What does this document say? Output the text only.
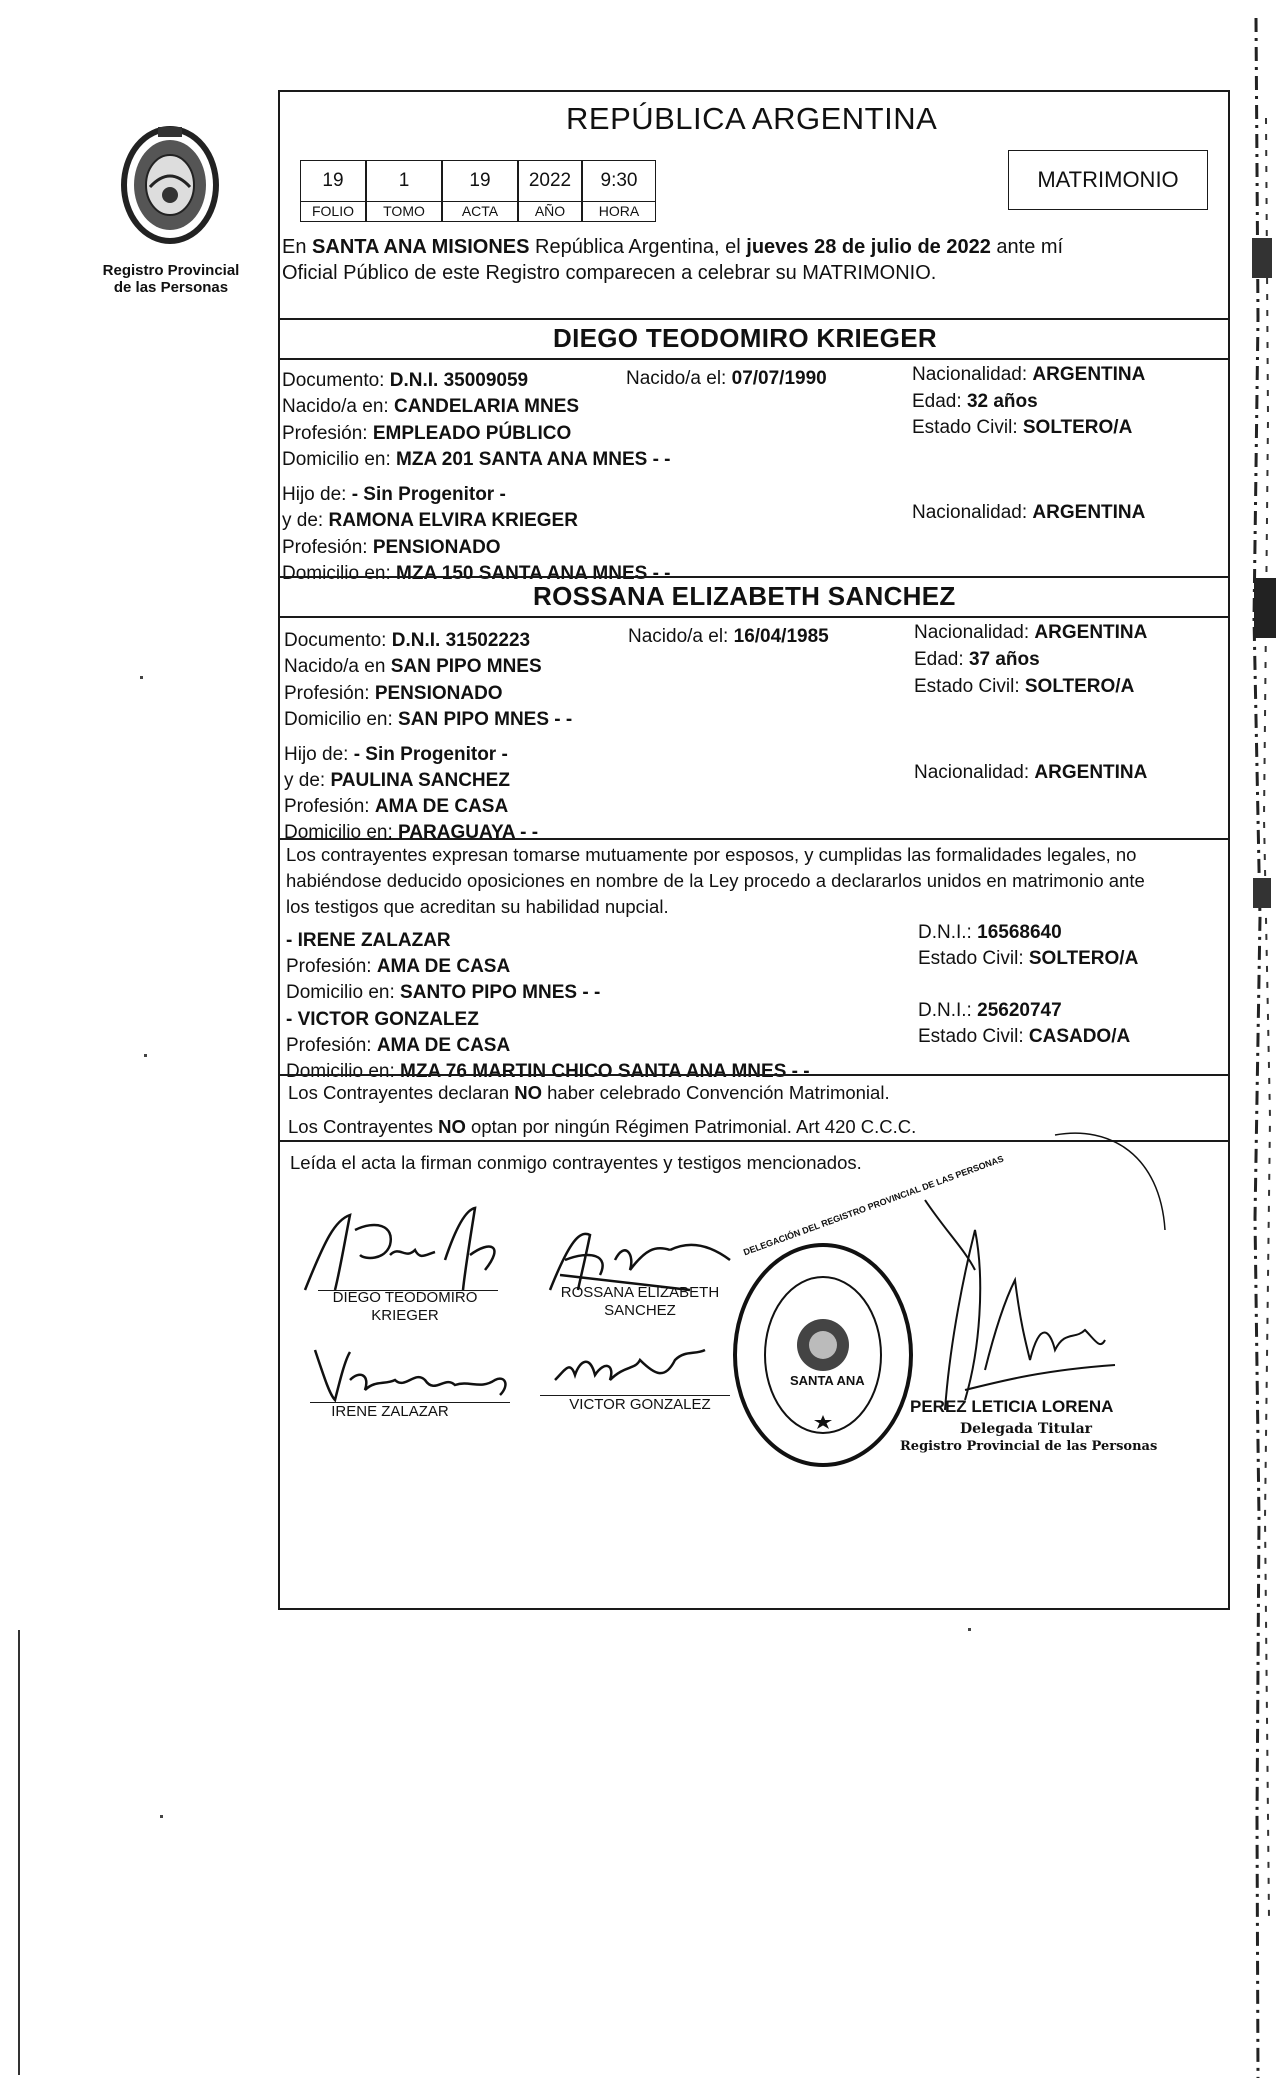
Registro Provincial
de las Personas
REPÚBLICA ARGENTINA
19	1	19	2022	9:30
FOLIO	TOMO	ACTA	AÑO	HORA
MATRIMONIO
En SANTA ANA MISIONES República Argentina, el jueves 28 de julio de 2022 ante mí
Oficial Público de este Registro comparecen a celebrar su MATRIMONIO.
DIEGO TEODOMIRO KRIEGER
Documento: D.N.I. 35009059	Nacido/a el: 07/07/1990	Nacionalidad: ARGENTINA
Nacido/a en: CANDELARIA MNES	Edad: 32 años
Profesión: EMPLEADO PÚBLICO	Estado Civil: SOLTERO/A
Domicilio en: MZA 201 SANTA ANA MNES - -
Hijo de: - Sin Progenitor -
y de: RAMONA ELVIRA KRIEGER	Nacionalidad: ARGENTINA
Profesión: PENSIONADO
Domicilio en: MZA 150 SANTA ANA MNES - -
ROSSANA ELIZABETH SANCHEZ
Documento: D.N.I. 31502223	Nacido/a el: 16/04/1985	Nacionalidad: ARGENTINA
Nacido/a en SAN PIPO MNES	Edad: 37 años
Profesión: PENSIONADO	Estado Civil: SOLTERO/A
Domicilio en: SAN PIPO MNES - -
Hijo de: - Sin Progenitor -
y de: PAULINA SANCHEZ	Nacionalidad: ARGENTINA
Profesión: AMA DE CASA
Domicilio en: PARAGUAYA - -
Los contrayentes expresan tomarse mutuamente por esposos, y cumplidas las formalidades legales, no
habiéndose deducido oposiciones en nombre de la Ley procedo a declararlos unidos en matrimonio ante
los testigos que acreditan su habilidad nupcial.
- IRENE ZALAZAR	D.N.I.: 16568640
Profesión: AMA DE CASA	Estado Civil: SOLTERO/A
Domicilio en: SANTO PIPO MNES - -
- VICTOR GONZALEZ	D.N.I.: 25620747
Profesión: AMA DE CASA	Estado Civil: CASADO/A
Domicilio en: MZA 76 MARTIN CHICO SANTA ANA MNES - -
Los Contrayentes declaran NO haber celebrado Convención Matrimonial.
Los Contrayentes NO optan por ningún Régimen Patrimonial. Art 420 C.C.C.
Leída el acta la firman conmigo contrayentes y testigos mencionados.
DIEGO TEODOMIRO
KRIEGER
ROSSANA ELIZABETH
SANCHEZ
IRENE ZALAZAR	VICTOR GONZALEZ
DELEGACIÓN DEL REGISTRO PROVINCIAL DE LAS PERSONAS
SANTA ANA
PEREZ LETICIA LORENA
Delegada Titular
Registro Provincial de las Personas
